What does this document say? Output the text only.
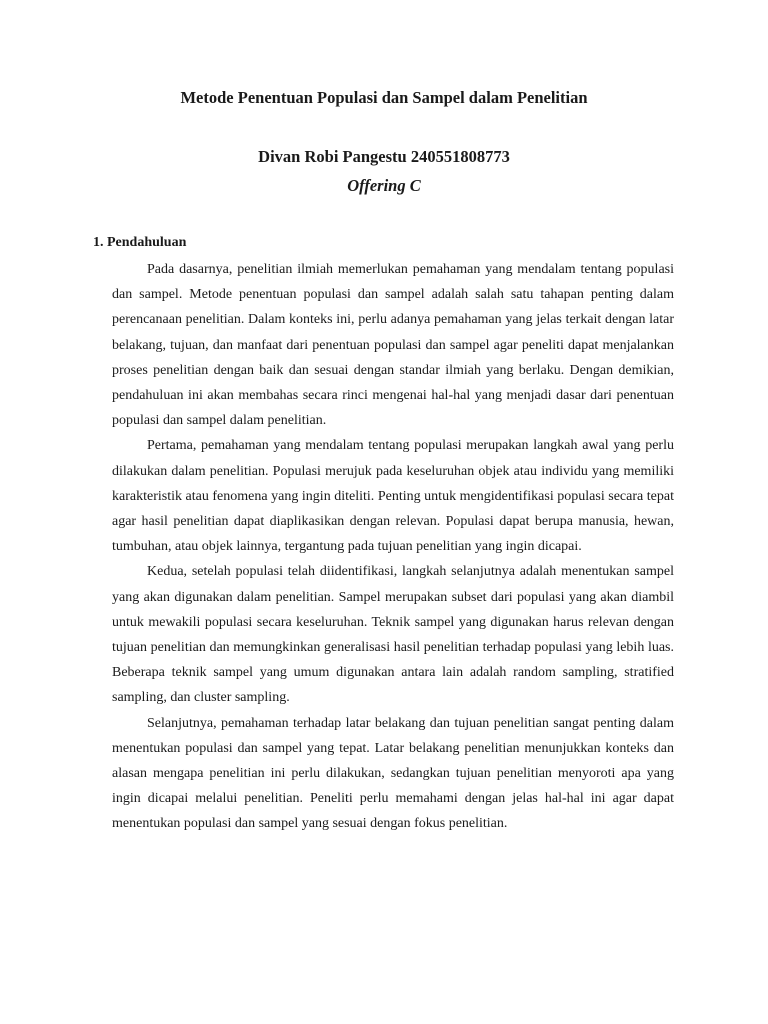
Metode Penentuan Populasi dan Sampel dalam Penelitian
Divan Robi Pangestu 240551808773
Offering C
1. Pendahuluan

Pada dasarnya, penelitian ilmiah memerlukan pemahaman yang mendalam tentang populasi dan sampel. Metode penentuan populasi dan sampel adalah salah satu tahapan penting dalam perencanaan penelitian. Dalam konteks ini, perlu adanya pemahaman yang jelas terkait dengan latar belakang, tujuan, dan manfaat dari penentuan populasi dan sampel agar peneliti dapat menjalankan proses penelitian dengan baik dan sesuai dengan standar ilmiah yang berlaku. Dengan demikian, pendahuluan ini akan membahas secara rinci mengenai hal-hal yang menjadi dasar dari penentuan populasi dan sampel dalam penelitian.

Pertama, pemahaman yang mendalam tentang populasi merupakan langkah awal yang perlu dilakukan dalam penelitian. Populasi merujuk pada keseluruhan objek atau individu yang memiliki karakteristik atau fenomena yang ingin diteliti. Penting untuk mengidentifikasi populasi secara tepat agar hasil penelitian dapat diaplikasikan dengan relevan. Populasi dapat berupa manusia, hewan, tumbuhan, atau objek lainnya, tergantung pada tujuan penelitian yang ingin dicapai.

Kedua, setelah populasi telah diidentifikasi, langkah selanjutnya adalah menentukan sampel yang akan digunakan dalam penelitian. Sampel merupakan subset dari populasi yang akan diambil untuk mewakili populasi secara keseluruhan. Teknik sampel yang digunakan harus relevan dengan tujuan penelitian dan memungkinkan generalisasi hasil penelitian terhadap populasi yang lebih luas. Beberapa teknik sampel yang umum digunakan antara lain adalah random sampling, stratified sampling, dan cluster sampling.

Selanjutnya, pemahaman terhadap latar belakang dan tujuan penelitian sangat penting dalam menentukan populasi dan sampel yang tepat. Latar belakang penelitian menunjukkan konteks dan alasan mengapa penelitian ini perlu dilakukan, sedangkan tujuan penelitian menyoroti apa yang ingin dicapai melalui penelitian. Peneliti perlu memahami dengan jelas hal-hal ini agar dapat menentukan populasi dan sampel yang sesuai dengan fokus penelitian.
